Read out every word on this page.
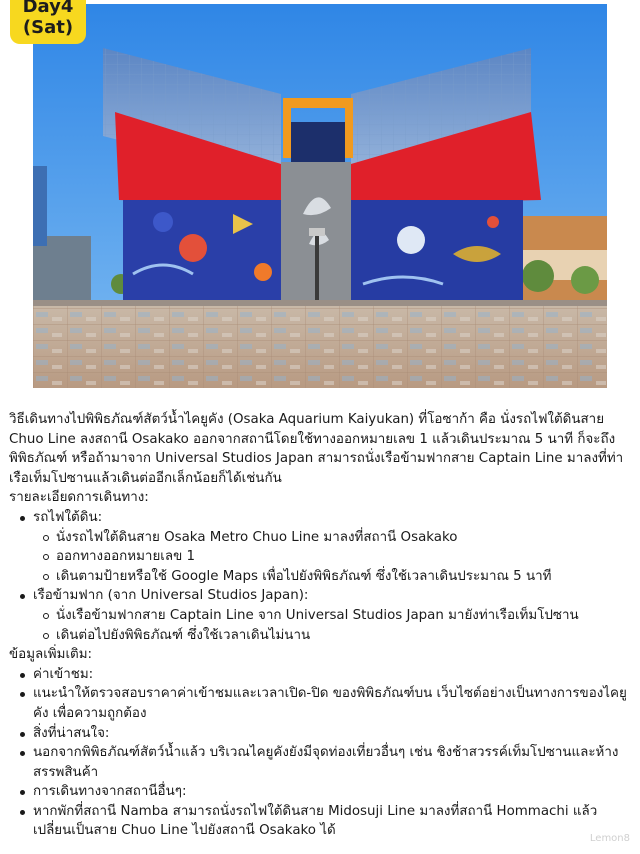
Day4
(Sat)

วิธีเดินทางไปพิพิธภัณฑ์สัตว์น้ำไคยูคัง (Osaka Aquarium Kaiyukan) ที่โอซาก้า คือ นั่งรถไฟใต้ดินสาย Chuo Line ลงสถานี Osakako ออกจากสถานีโดยใช้ทางออกหมายเลข 1 แล้วเดินประมาณ 5 นาที ก็จะถึงพิพิธภัณฑ์ หรือถ้ามาจาก Universal Studios Japan สามารถนั่งเรือข้ามฟากสาย Captain Line มาลงที่ท่าเรือเท็มโปซานแล้วเดินต่ออีกเล็กน้อยก็ได้เช่นกัน

รายละเอียดการเดินทาง:

รถไฟใต้ดิน:
นั่งรถไฟใต้ดินสาย Osaka Metro Chuo Line มาลงที่สถานี Osakako
ออกทางออกหมายเลข 1
เดินตามป้ายหรือใช้ Google Maps เพื่อไปยังพิพิธภัณฑ์ ซึ่งใช้เวลาเดินประมาณ 5 นาที
เรือข้ามฟาก (จาก Universal Studios Japan):
นั่งเรือข้ามฟากสาย Captain Line จาก Universal Studios Japan มายังท่าเรือเท็มโปซาน
เดินต่อไปยังพิพิธภัณฑ์ ซึ่งใช้เวลาเดินไม่นาน

ข้อมูลเพิ่มเติม:

ค่าเข้าชม:
แนะนำให้ตรวจสอบราคาค่าเข้าชมและเวลาเปิด-ปิด ของพิพิธภัณฑ์บน เว็บไซต์อย่างเป็นทางการของไคยูคัง เพื่อความถูกต้อง
สิ่งที่น่าสนใจ:
นอกจากพิพิธภัณฑ์สัตว์น้ำแล้ว บริเวณไคยูคังยังมีจุดท่องเที่ยวอื่นๆ เช่น ชิงช้าสวรรค์เท็มโปซานและห้างสรรพสินค้า
การเดินทางจากสถานีอื่นๆ:
หากพักที่สถานี Namba สามารถนั่งรถไฟใต้ดินสาย Midosuji Line มาลงที่สถานี Hommachi แล้วเปลี่ยนเป็นสาย Chuo Line ไปยังสถานี Osakako ได้
Lemon8
